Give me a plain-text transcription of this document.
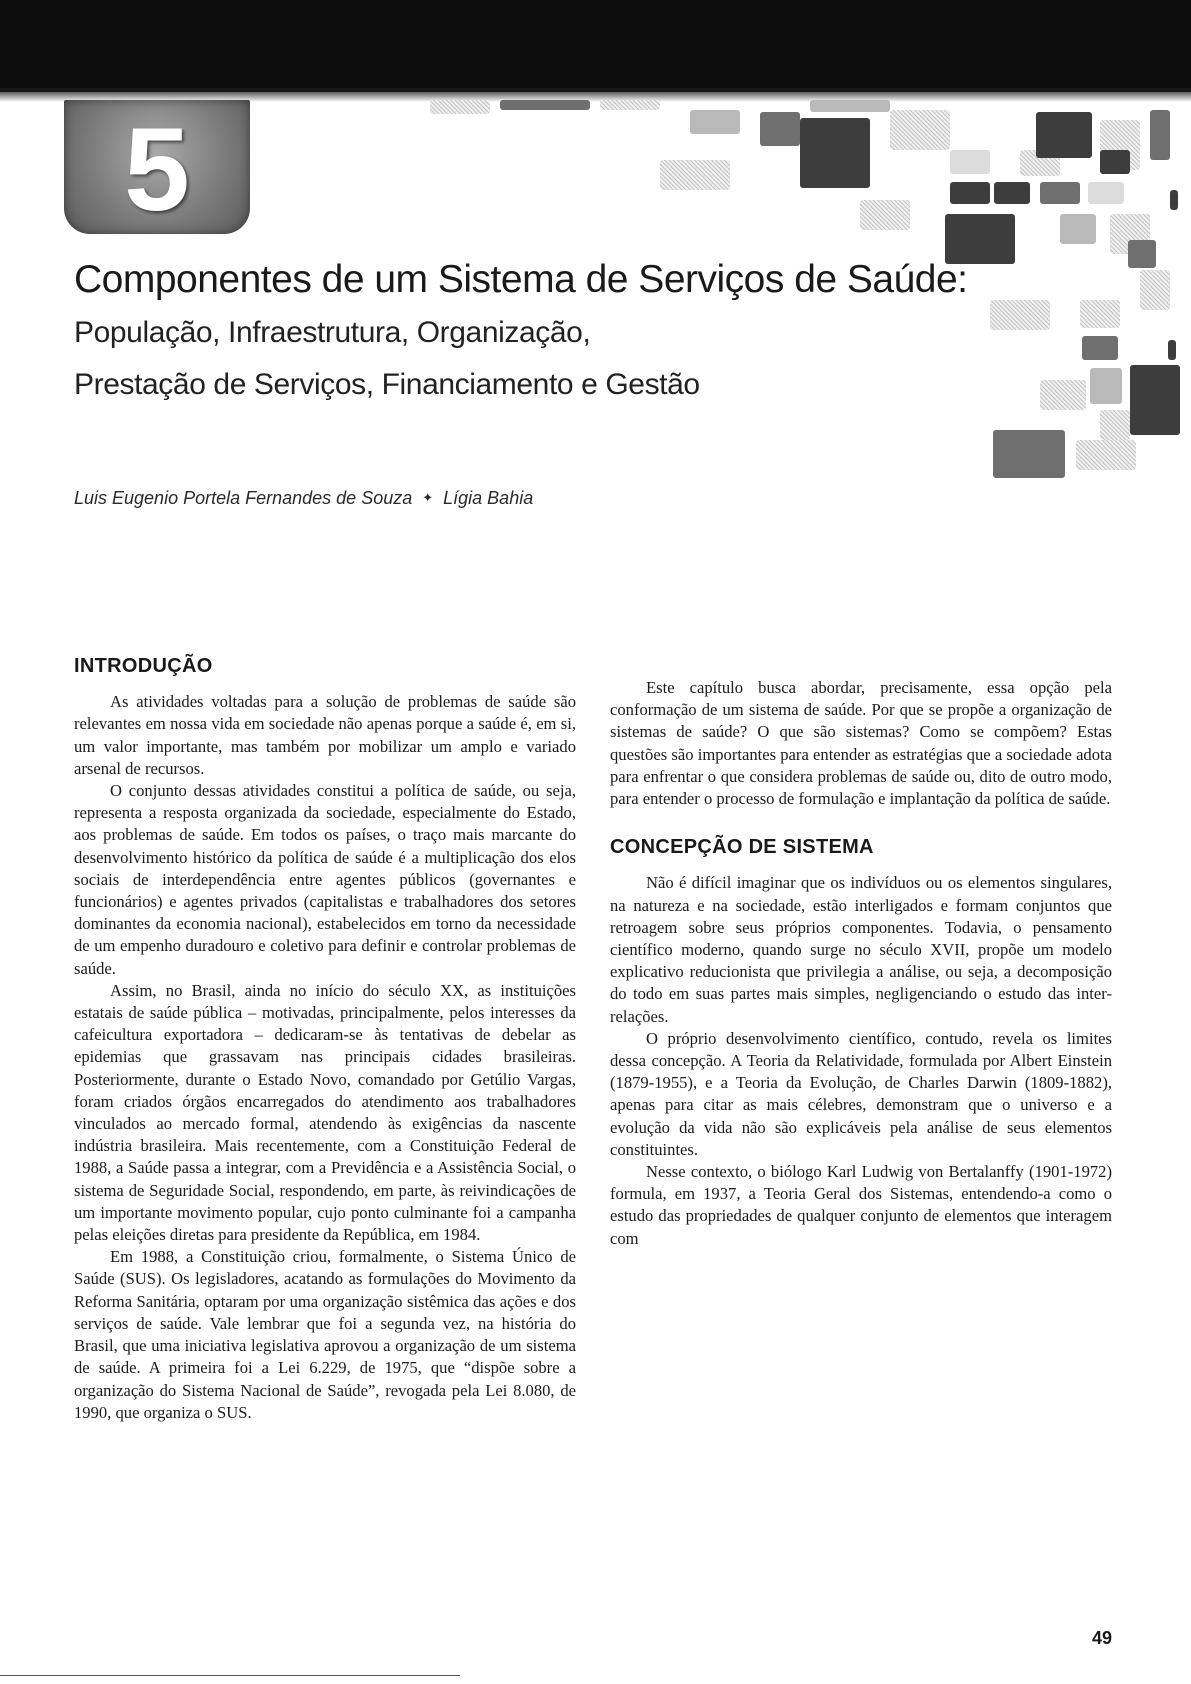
5
Componentes de um Sistema de Serviços de Saúde:
População, Infraestrutura, Organização,
Prestação de Serviços, Financiamento e Gestão
Luis Eugenio Portela Fernandes de Souza ✦ Lígia Bahia
INTRODUÇÃO

As atividades voltadas para a solução de problemas de saúde são relevantes em nossa vida em sociedade não apenas porque a saúde é, em si, um valor importante, mas também por mobilizar um amplo e variado arsenal de recursos.

O conjunto dessas atividades constitui a política de saúde, ou seja, representa a resposta organizada da sociedade, especialmente do Estado, aos problemas de saúde. Em todos os países, o traço mais marcante do desenvolvimento histórico da política de saúde é a multiplicação dos elos sociais de interdependência entre agentes públicos (governantes e funcionários) e agentes privados (capitalistas e trabalhadores dos setores dominantes da economia nacional), estabelecidos em torno da necessidade de um empenho duradouro e coletivo para definir e controlar problemas de saúde.

Assim, no Brasil, ainda no início do século XX, as instituições estatais de saúde pública – motivadas, principalmente, pelos interesses da cafeicultura exportadora – dedicaram-se às tentativas de debelar as epidemias que grassavam nas principais cidades brasileiras. Posteriormente, durante o Estado Novo, comandado por Getúlio Vargas, foram criados órgãos encarregados do atendimento aos trabalhadores vinculados ao mercado formal, atendendo às exigências da nascente indústria brasileira. Mais recentemente, com a Constituição Federal de 1988, a Saúde passa a integrar, com a Previdência e a Assistência Social, o sistema de Seguridade Social, respondendo, em parte, às reivindicações de um importante movimento popular, cujo ponto culminante foi a campanha pelas eleições diretas para presidente da República, em 1984.

Em 1988, a Constituição criou, formalmente, o Sistema Único de Saúde (SUS). Os legisladores, acatando as formulações do Movimento da Reforma Sanitária, optaram por uma organização sistêmica das ações e dos serviços de saúde. Vale lembrar que foi a segunda vez, na história do Brasil, que uma iniciativa legislativa aprovou a organização de um sistema de saúde. A primeira foi a Lei 6.229, de 1975, que “dispõe sobre a organização do Sistema Nacional de Saúde”, revogada pela Lei 8.080, de 1990, que organiza o SUS.

Este capítulo busca abordar, precisamente, essa opção pela conformação de um sistema de saúde. Por que se propõe a organização de sistemas de saúde? O que são sistemas? Como se compõem? Estas questões são importantes para entender as estratégias que a sociedade adota para enfrentar o que considera problemas de saúde ou, dito de outro modo, para entender o processo de formulação e implantação da política de saúde.

CONCEPÇÃO DE SISTEMA

Não é difícil imaginar que os indivíduos ou os elementos singulares, na natureza e na sociedade, estão interligados e formam conjuntos que retroagem sobre seus próprios componentes. Todavia, o pensamento científico moderno, quando surge no século XVII, propõe um modelo explicativo reducionista que privilegia a análise, ou seja, a decomposição do todo em suas partes mais simples, negligenciando o estudo das inter-relações.

O próprio desenvolvimento científico, contudo, revela os limites dessa concepção. A Teoria da Relatividade, formulada por Albert Einstein (1879-1955), e a Teoria da Evolução, de Charles Darwin (1809-1882), apenas para citar as mais célebres, demonstram que o universo e a evolução da vida não são explicáveis pela análise de seus elementos constituintes.

Nesse contexto, o biólogo Karl Ludwig von Bertalanffy (1901-1972) formula, em 1937, a Teoria Geral dos Sistemas, entendendo-a como o estudo das propriedades de qualquer conjunto de elementos que interagem com

49
